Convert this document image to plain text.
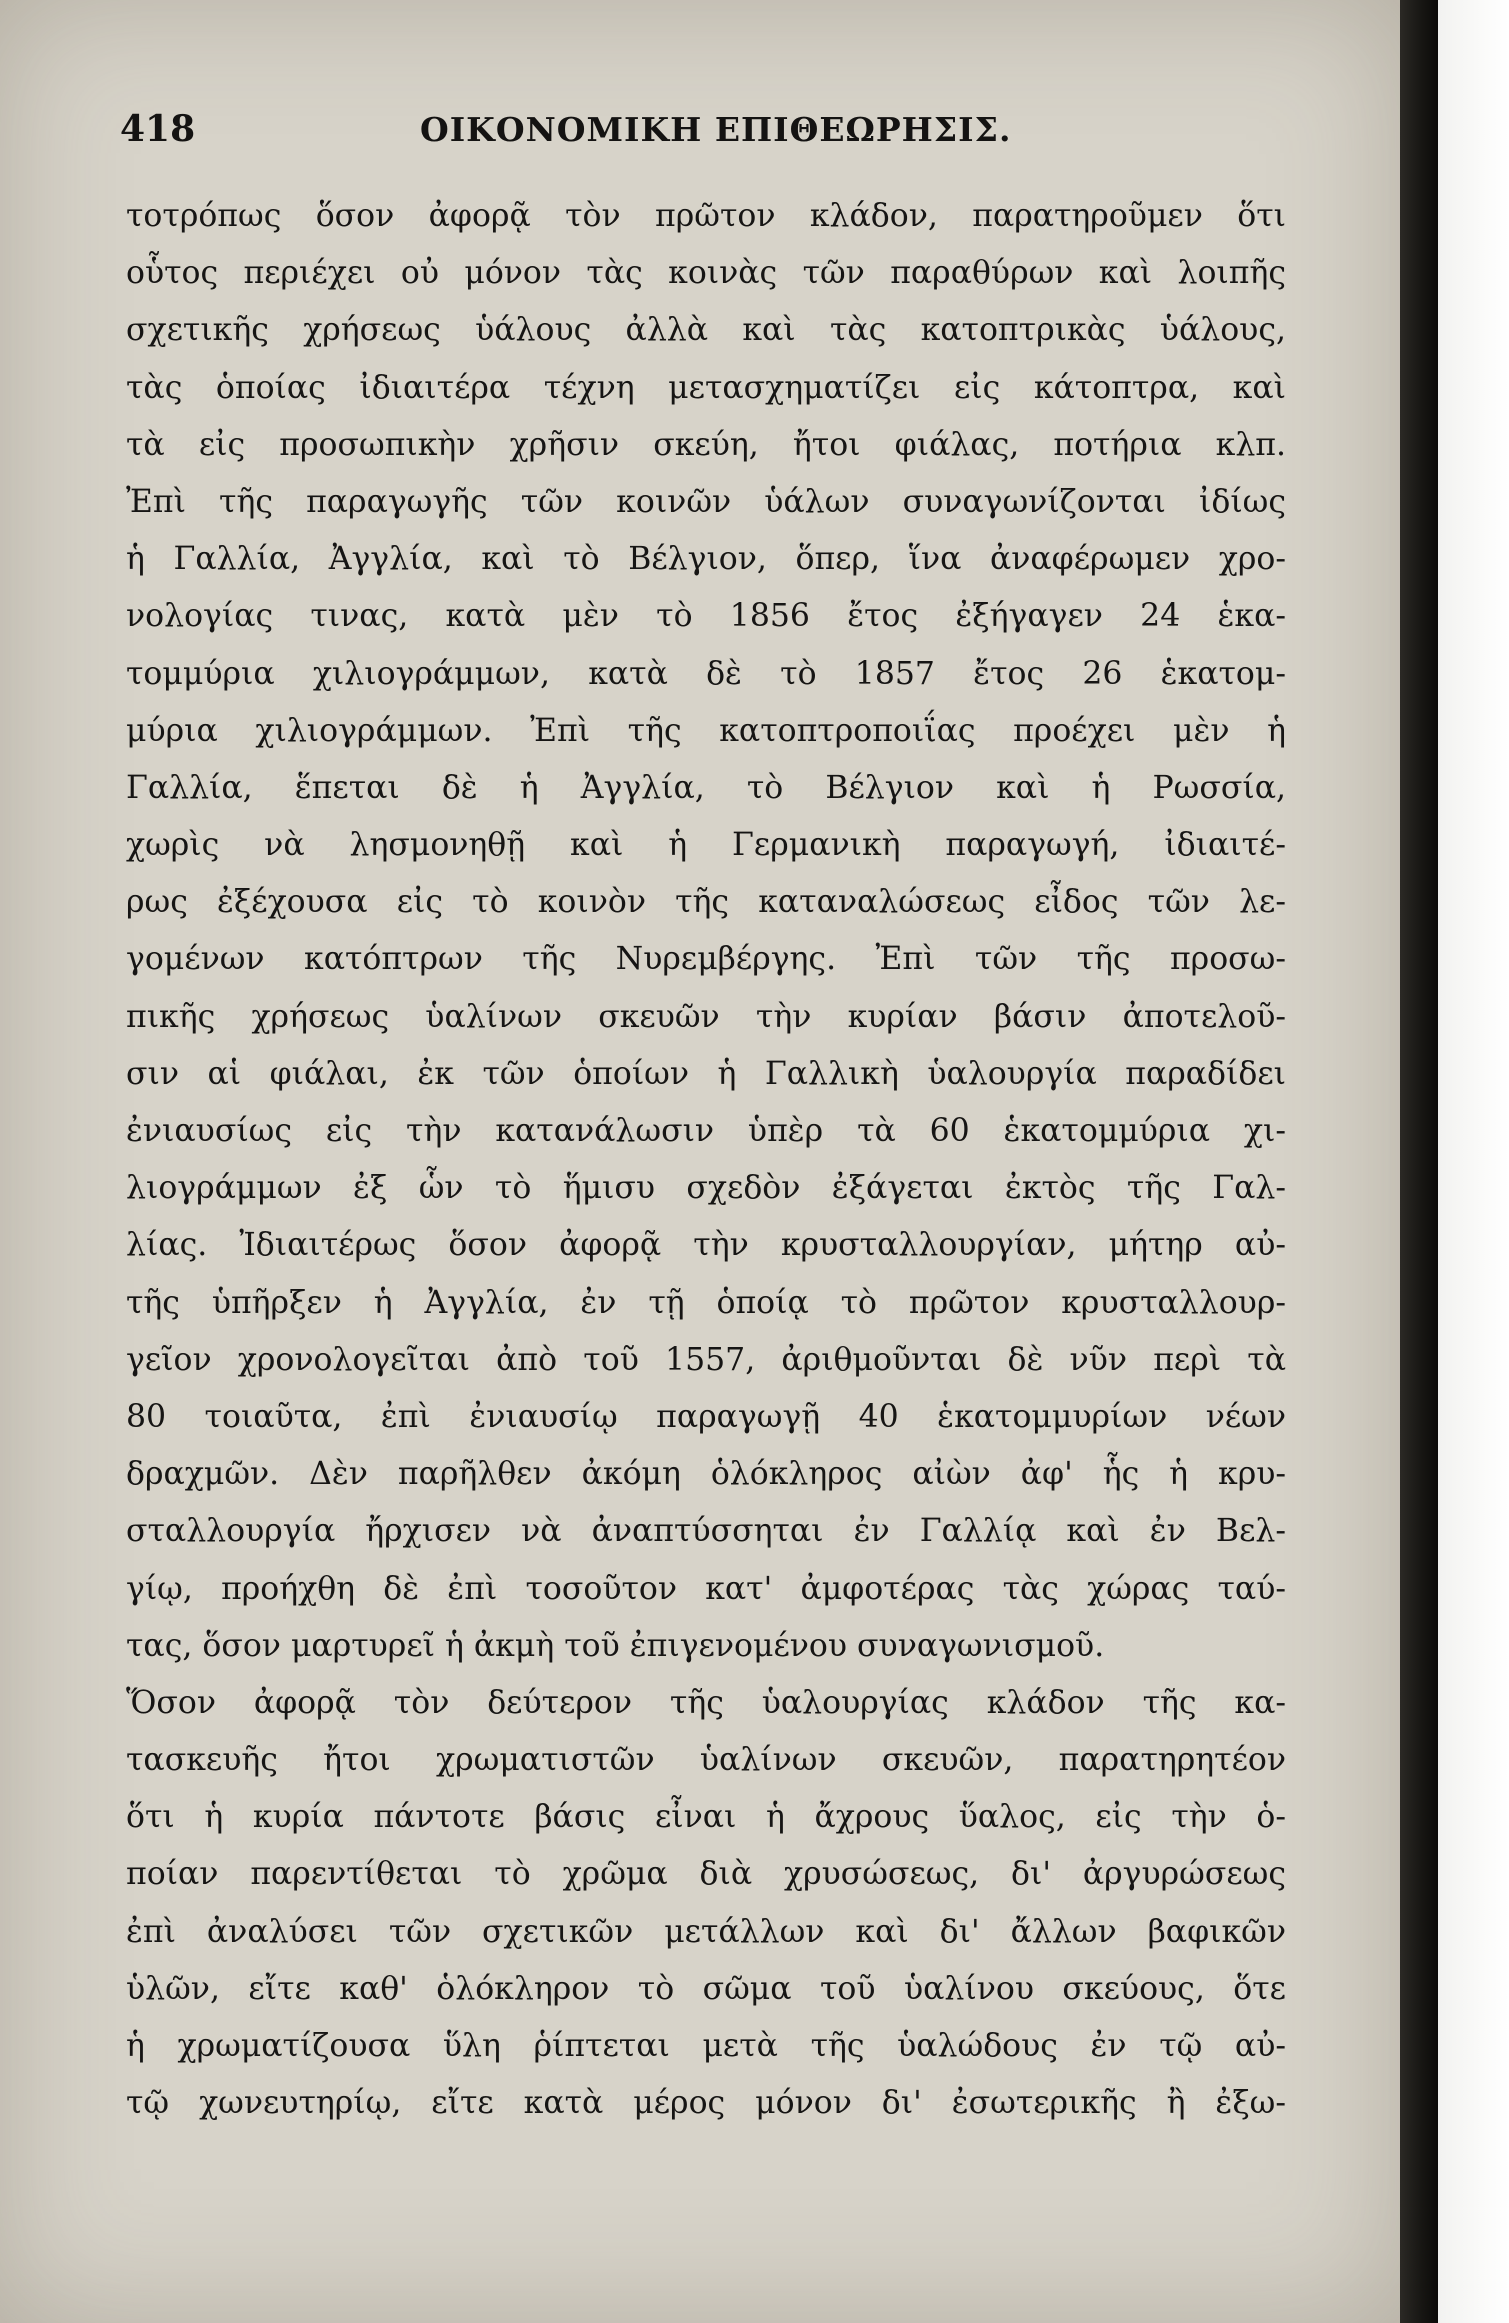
418	ΟΙΚΟΝΟΜΙΚΗ ΕΠΙΘΕΩΡΗΣΙΣ.
τοτρόπως ὅσον ἀφορᾷ τὸν πρῶτον κλάδον, παρατηροῦμεν ὅτι
οὗτος περιέχει οὐ μόνον τὰς κοινὰς τῶν παραθύρων καὶ λοιπῆς
σχετικῆς χρήσεως ὑάλους ἀλλὰ καὶ τὰς κατοπτρικὰς ὑάλους,
τὰς ὁποίας ἰδιαιτέρα τέχνη μετασχηματίζει εἰς κάτοπτρα, καὶ
τὰ εἰς προσωπικὴν χρῆσιν σκεύη, ἤτοι φιάλας, ποτήρια κλπ.
Ἐπὶ τῆς παραγωγῆς τῶν κοινῶν ὑάλων συναγωνίζονται ἰδίως
ἡ Γαλλία, Ἀγγλία, καὶ τὸ Βέλγιον, ὅπερ, ἵνα ἀναφέρωμεν χρο-
νολογίας τινας, κατὰ μὲν τὸ 1856 ἔτος ἐξήγαγεν 24 ἑκα-
τομμύρια χιλιογράμμων, κατὰ δὲ τὸ 1857 ἔτος 26 ἑκατομ-
μύρια χιλιογράμμων. Ἐπὶ τῆς κατοπτροποιΐας προέχει μὲν ἡ
Γαλλία, ἕπεται δὲ ἡ Ἀγγλία, τὸ Βέλγιον καὶ ἡ Ρωσσία,
χωρὶς νὰ λησμονηθῇ καὶ ἡ Γερμανικὴ παραγωγή, ἰδιαιτέ-
ρως ἐξέχουσα εἰς τὸ κοινὸν τῆς καταναλώσεως εἶδος τῶν λε-
γομένων κατόπτρων τῆς Νυρεμβέργης. Ἐπὶ τῶν τῆς προσω-
πικῆς χρήσεως ὑαλίνων σκευῶν τὴν κυρίαν βάσιν ἀποτελοῦ-
σιν αἱ φιάλαι, ἐκ τῶν ὁποίων ἡ Γαλλικὴ ὑαλουργία παραδίδει
ἐνιαυσίως εἰς τὴν κατανάλωσιν ὑπὲρ τὰ 60 ἑκατομμύρια χι-
λιογράμμων ἐξ ὧν τὸ ἥμισυ σχεδὸν ἐξάγεται ἐκτὸς τῆς Γαλ-
λίας. Ἰδιαιτέρως ὅσον ἀφορᾷ τὴν κρυσταλλουργίαν, μήτηρ αὐ-
τῆς ὑπῆρξεν ἡ Ἀγγλία, ἐν τῇ ὁποίᾳ τὸ πρῶτον κρυσταλλουρ-
γεῖον χρονολογεῖται ἀπὸ τοῦ 1557, ἀριθμοῦνται δὲ νῦν περὶ τὰ
80 τοιαῦτα, ἐπὶ ἐνιαυσίῳ παραγωγῇ 40 ἑκατομμυρίων νέων
δραχμῶν. Δὲν παρῆλθεν ἀκόμη ὁλόκληρος αἰὼν ἀφ' ἧς ἡ κρυ-
σταλλουργία ἤρχισεν νὰ ἀναπτύσσηται ἐν Γαλλίᾳ καὶ ἐν Βελ-
γίῳ, προήχθη δὲ ἐπὶ τοσοῦτον κατ' ἀμφοτέρας τὰς χώρας ταύ-
τας, ὅσον μαρτυρεῖ ἡ ἀκμὴ τοῦ ἐπιγενομένου συναγωνισμοῦ.
Ὅσον ἀφορᾷ τὸν δεύτερον τῆς ὑαλουργίας κλάδον τῆς κα-
τασκευῆς ἤτοι χρωματιστῶν ὑαλίνων σκευῶν, παρατηρητέον
ὅτι ἡ κυρία πάντοτε βάσις εἶναι ἡ ἄχρους ὕαλος, εἰς τὴν ὁ-
ποίαν παρεντίθεται τὸ χρῶμα διὰ χρυσώσεως, δι' ἀργυρώσεως
ἐπὶ ἀναλύσει τῶν σχετικῶν μετάλλων καὶ δι' ἄλλων βαφικῶν
ὑλῶν, εἴτε καθ' ὁλόκληρον τὸ σῶμα τοῦ ὑαλίνου σκεύους, ὅτε
ἡ χρωματίζουσα ὕλη ῥίπτεται μετὰ τῆς ὑαλώδους ἐν τῷ αὐ-
τῷ χωνευτηρίῳ, εἴτε κατὰ μέρος μόνον δι' ἐσωτερικῆς ἢ ἐξω-
